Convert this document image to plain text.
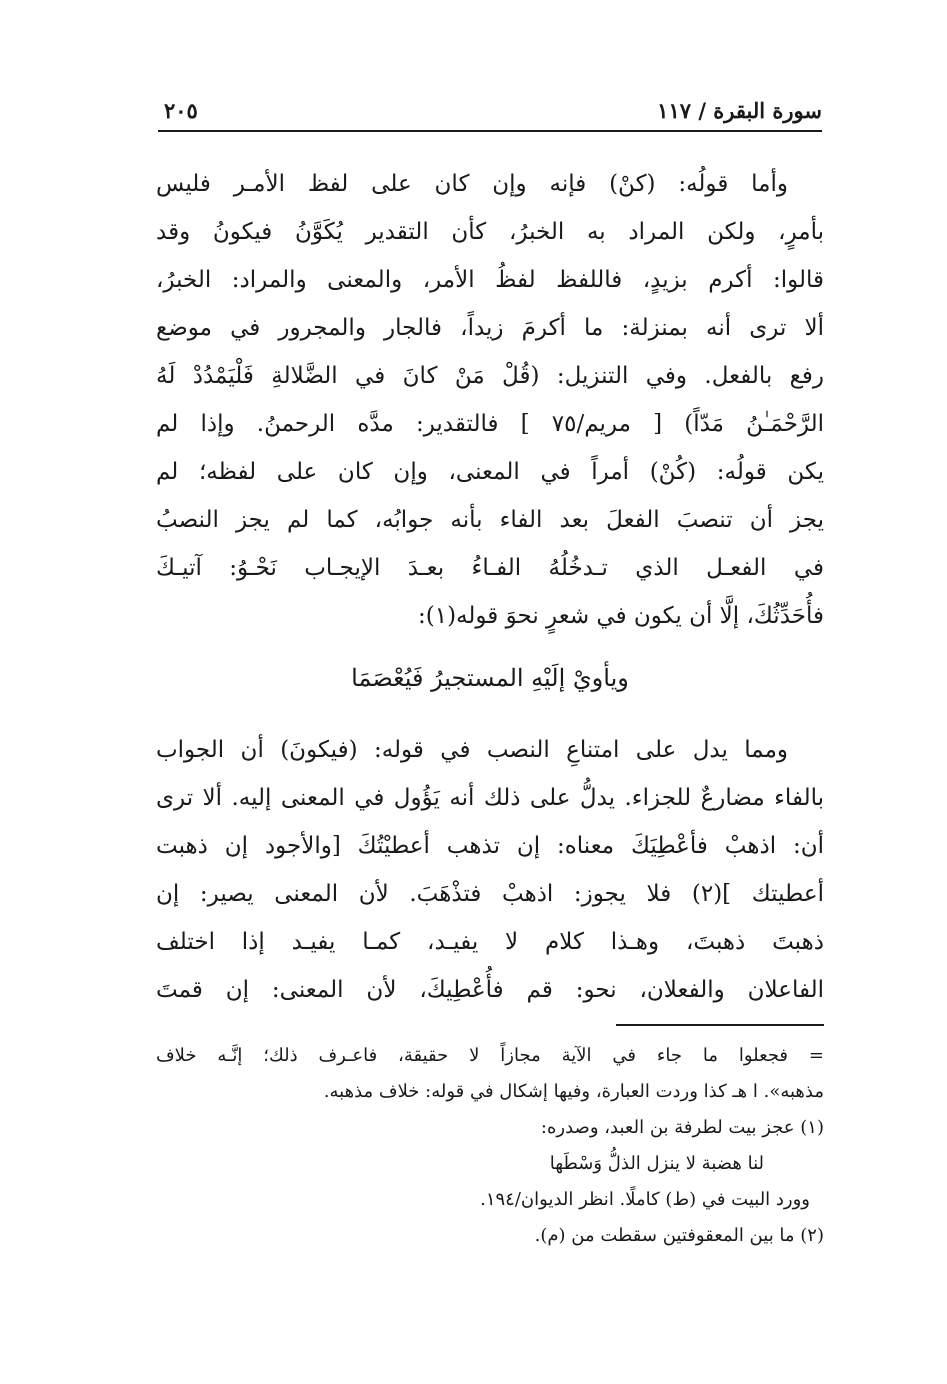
سورة البقرة / ١١٧
٢٠٥
وأما قولُه: (كنْ) فإنه وإن كان على لفظ الأمـر فليس
بأمرٍ، ولكن المراد به الخبرُ، كأن التقدير يُكَوَّنُ فيكونُ وقد
قالوا: أكرم بزيدٍ، فاللفظ لفظُ الأمر، والمعنى والمراد: الخبرُ،
ألا ترى أنه بمنزلة: ما أكرمَ زيداً، فالجار والمجرور في موضع
رفع بالفعل. وفي التنزيل: (قُلْ مَنْ كانَ في الضَّلالةِ فَلْيَمْدُدْ لَهُ
الرَّحْمَـٰنُ مَدّاً) [ مريم/٧٥ ] فالتقدير: مدَّه الرحمنُ. وإذا لم
يكن قولُه: (كُنْ) أمراً في المعنى، وإن كان على لفظه؛ لم
يجز أن تنصبَ الفعلَ بعد الفاء بأنه جوابُه، كما لم يجز النصبُ
في الفعـل الذي تـدخُلُهُ الفـاءُ بعـدَ الإيجـاب نَحْـوُ: آتيـكَ
فأُحَدِّثُكَ، إلَّا أن يكون في شعرٍ نحوَ قوله(١):
ويأويْ إلَيْهِ المستجيرُ فَيُعْصَمَا
ومما يدل على امتناعِ النصب في قوله: (فيكونَ) أن الجواب
بالفاء مضارعٌ للجزاء. يدلُّ على ذلك أنه يَؤُول في المعنى إليه. ألا ترى
أن: اذهبْ فأعْطِيَكَ معناه: إن تذهب أعطيْتُكَ [والأجود إن ذهبت
أعطيتك ](٢) فلا يجوز: اذهبْ فتذْهَبَ. لأن المعنى يصير: إن
ذهبتَ ذهبتَ، وهـذا كلام لا يفيـد، كمـا يفيـد إذا اختلف
الفاعلان والفعلان، نحو: قم فأُعْطِيكَ، لأن المعنى: إن قمتَ
= فجعلوا ما جاء في الآية مجازاً لا حقيقة، فاعـرف ذلك؛ إنَّـه خلاف
مذهبه». ا هـ كذا وردت العبارة، وفيها إشكال في قوله: خلاف مذهبه.
(١) عجز بيت لطرفة بن العبد، وصدره:
لنا هضبة لا ينزل الذلُّ وَسْطَها
وورد البيت في (ط) كاملًا. انظر الديوان/١٩٤.
(٢) ما بين المعقوفتين سقطت من (م).
